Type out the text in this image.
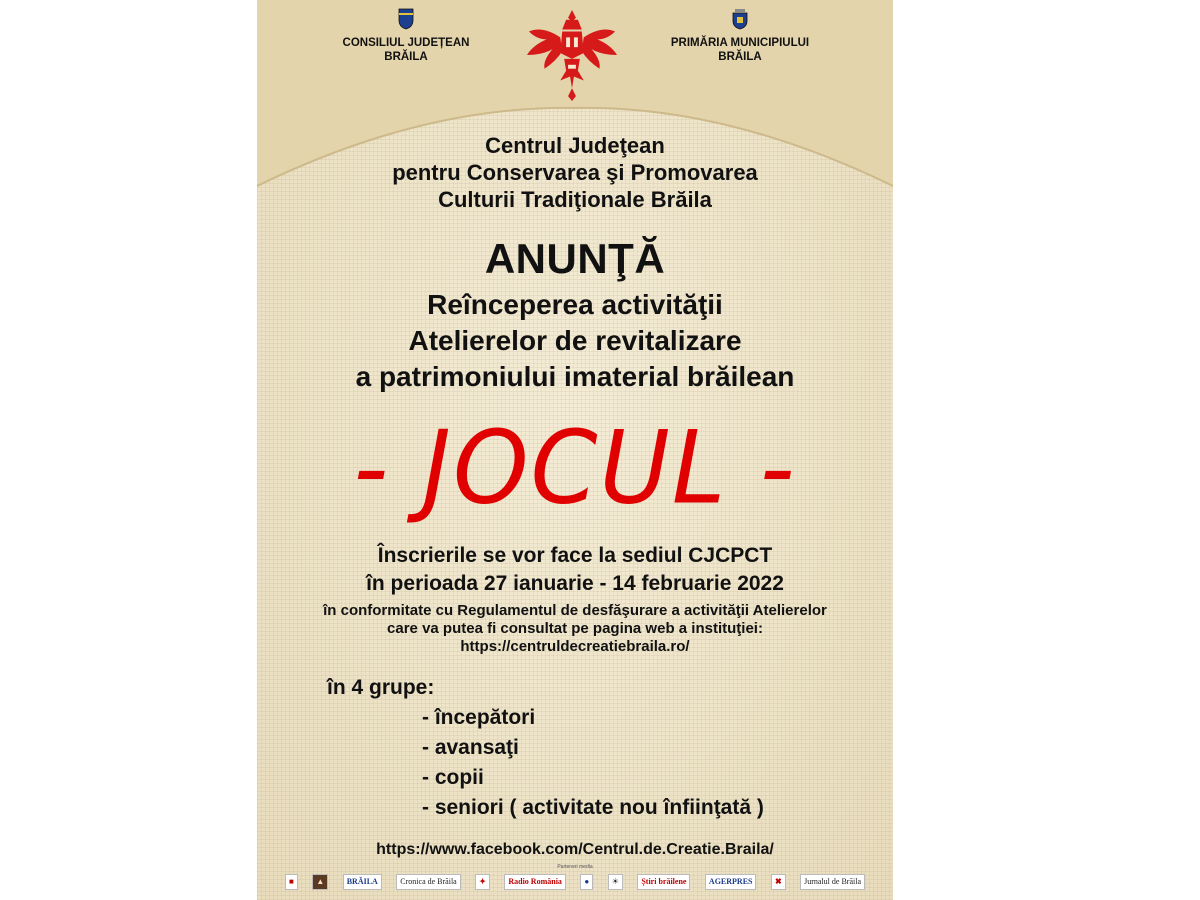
CONSILIUL JUDEȚEAN
BRĂILA
PRIMĂRIA MUNICIPIULUI
BRĂILA
Centrul Judeţean
pentru Conservarea şi Promovarea
Culturii Tradiţionale Brăila
ANUNŢĂ
Reînceperea activităţii
Atelierelor de revitalizare
a patrimoniului imaterial brăilean
- JOCUL -
Înscrierile se vor face la sediul CJCPCT
în perioada 27 ianuarie - 14 februarie 2022
în conformitate cu Regulamentul de desfăşurare a activităţii Atelierelor
care va putea fi consultat pe pagina web a instituţiei:
https://centruldecreatiebraila.ro/
în 4 grupe:
- începători
- avansaţi
- copii
- seniori ( activitate nou înfiinţată )
https://www.facebook.com/Centrul.de.Creatie.Braila/
Parteneri media
■	▲	BRĂILA	Cronica de Brăila	✦	Radio România	●	☀	Știri brăilene	AGERPRES	✖	Jurnalul de Brăila
